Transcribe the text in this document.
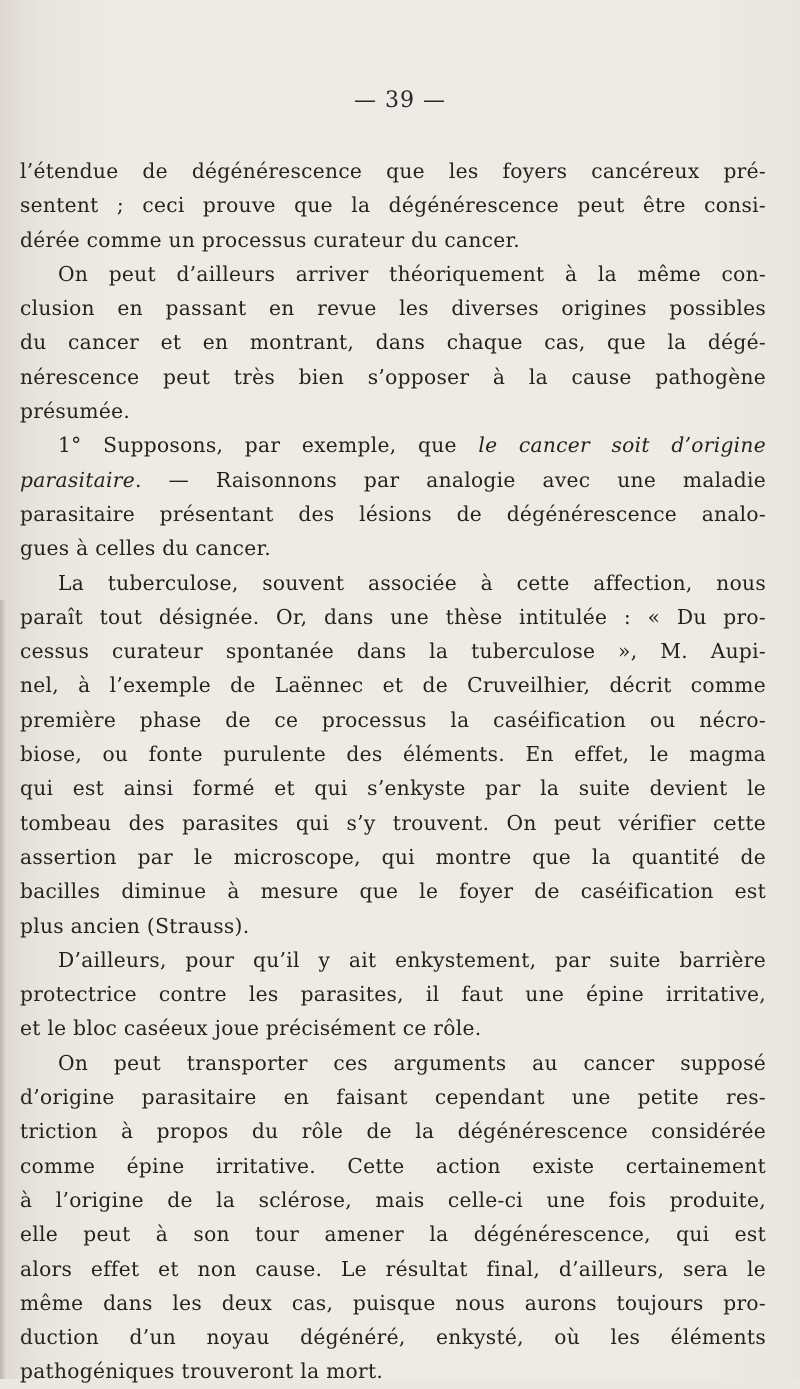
— 39 —
l’étendue de dégénérescence que les foyers cancéreux pré-
sentent ; ceci prouve que la dégénérescence peut être consi-
dérée comme un processus curateur du cancer.
On peut d’ailleurs arriver théoriquement à la même con-
clusion en passant en revue les diverses origines possibles
du cancer et en montrant, dans chaque cas, que la dégé-
nérescence peut très bien s’opposer à la cause pathogène
présumée.
1° Supposons, par exemple, que le cancer soit d’origine
parasitaire. — Raisonnons par analogie avec une maladie
parasitaire présentant des lésions de dégénérescence analo-
gues à celles du cancer.
La tuberculose, souvent associée à cette affection, nous
paraît tout désignée. Or, dans une thèse intitulée : « Du pro-
cessus curateur spontanée dans la tuberculose », M. Aupi-
nel, à l’exemple de Laënnec et de Cruveilhier, décrit comme
première phase de ce processus la caséification ou nécro-
biose, ou fonte purulente des éléments. En effet, le magma
qui est ainsi formé et qui s’enkyste par la suite devient le
tombeau des parasites qui s’y trouvent. On peut vérifier cette
assertion par le microscope, qui montre que la quantité de
bacilles diminue à mesure que le foyer de caséification est
plus ancien (Strauss).
D’ailleurs, pour qu’il y ait enkystement, par suite barrière
protectrice contre les parasites, il faut une épine irritative,
et le bloc caséeux joue précisément ce rôle.
On peut transporter ces arguments au cancer supposé
d’origine parasitaire en faisant cependant une petite res-
triction à propos du rôle de la dégénérescence considérée
comme épine irritative. Cette action existe certainement
à l’origine de la sclérose, mais celle-ci une fois produite,
elle peut à son tour amener la dégénérescence, qui est
alors effet et non cause. Le résultat final, d’ailleurs, sera le
même dans les deux cas, puisque nous aurons toujours pro-
duction d’un noyau dégénéré, enkysté, où les éléments
pathogéniques trouveront la mort.
